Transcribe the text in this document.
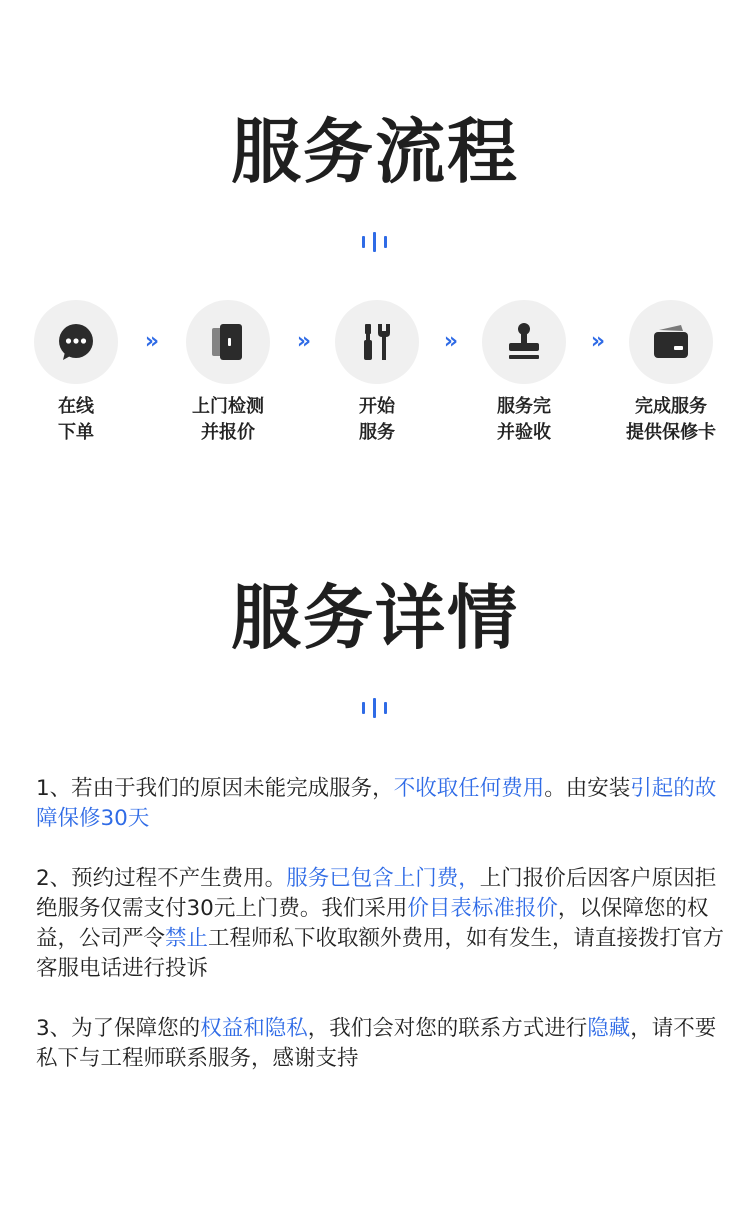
服务流程
在线
下单
»
上门检测
并报价
»
开始
服务
»
服务完
并验收
»
完成服务
提供保修卡
服务详情
1、若由于我们的原因未能完成服务，不收取任何费用。由安装引起的故障保修30天
2、预约过程不产生费用。服务已包含上门费，上门报价后因客户原因拒绝服务仅需支付30元上门费。我们采用价目表标准报价，以保障您的权益，公司严令禁止工程师私下收取额外费用，如有发生，请直接拨打官方客服电话进行投诉
3、为了保障您的权益和隐私，我们会对您的联系方式进行隐藏，请不要私下与工程师联系服务，感谢支持
